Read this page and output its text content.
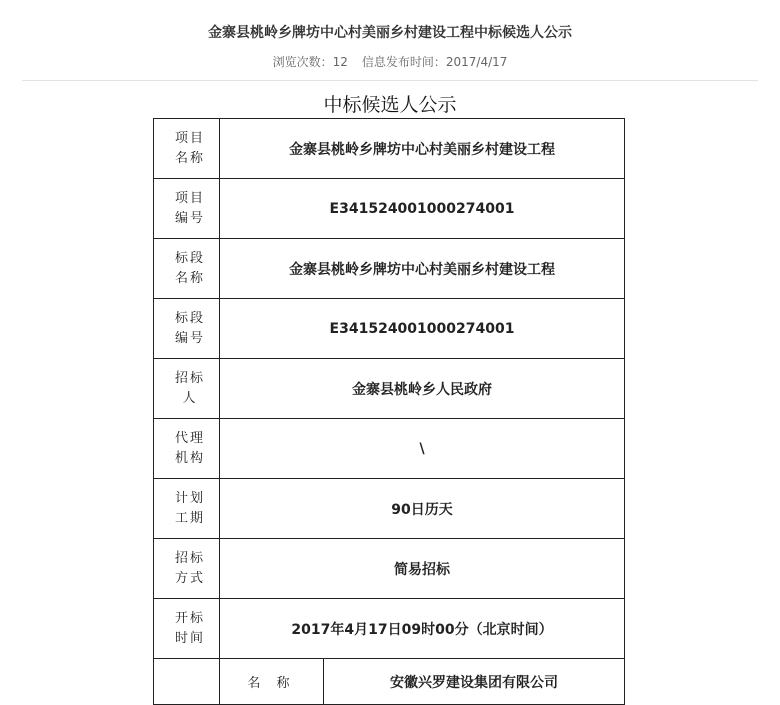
金寨县桃岭乡牌坊中心村美丽乡村建设工程中标候选人公示
浏览次数：12 信息发布时间：2017/4/17
中标候选人公示
项目名称	金寨县桃岭乡牌坊中心村美丽乡村建设工程	

项目编号	E341524001000274001	

标段名称	金寨县桃岭乡牌坊中心村美丽乡村建设工程	

标段编号	E341524001000274001	

招标人	金寨县桃岭乡人民政府	

代理机构	\	

计划工期	90日历天	

招标方式	简易招标	

开标时间	2017年4月17日09时00分（北京时间）	
	名 称	安徽兴罗建设集团有限公司
